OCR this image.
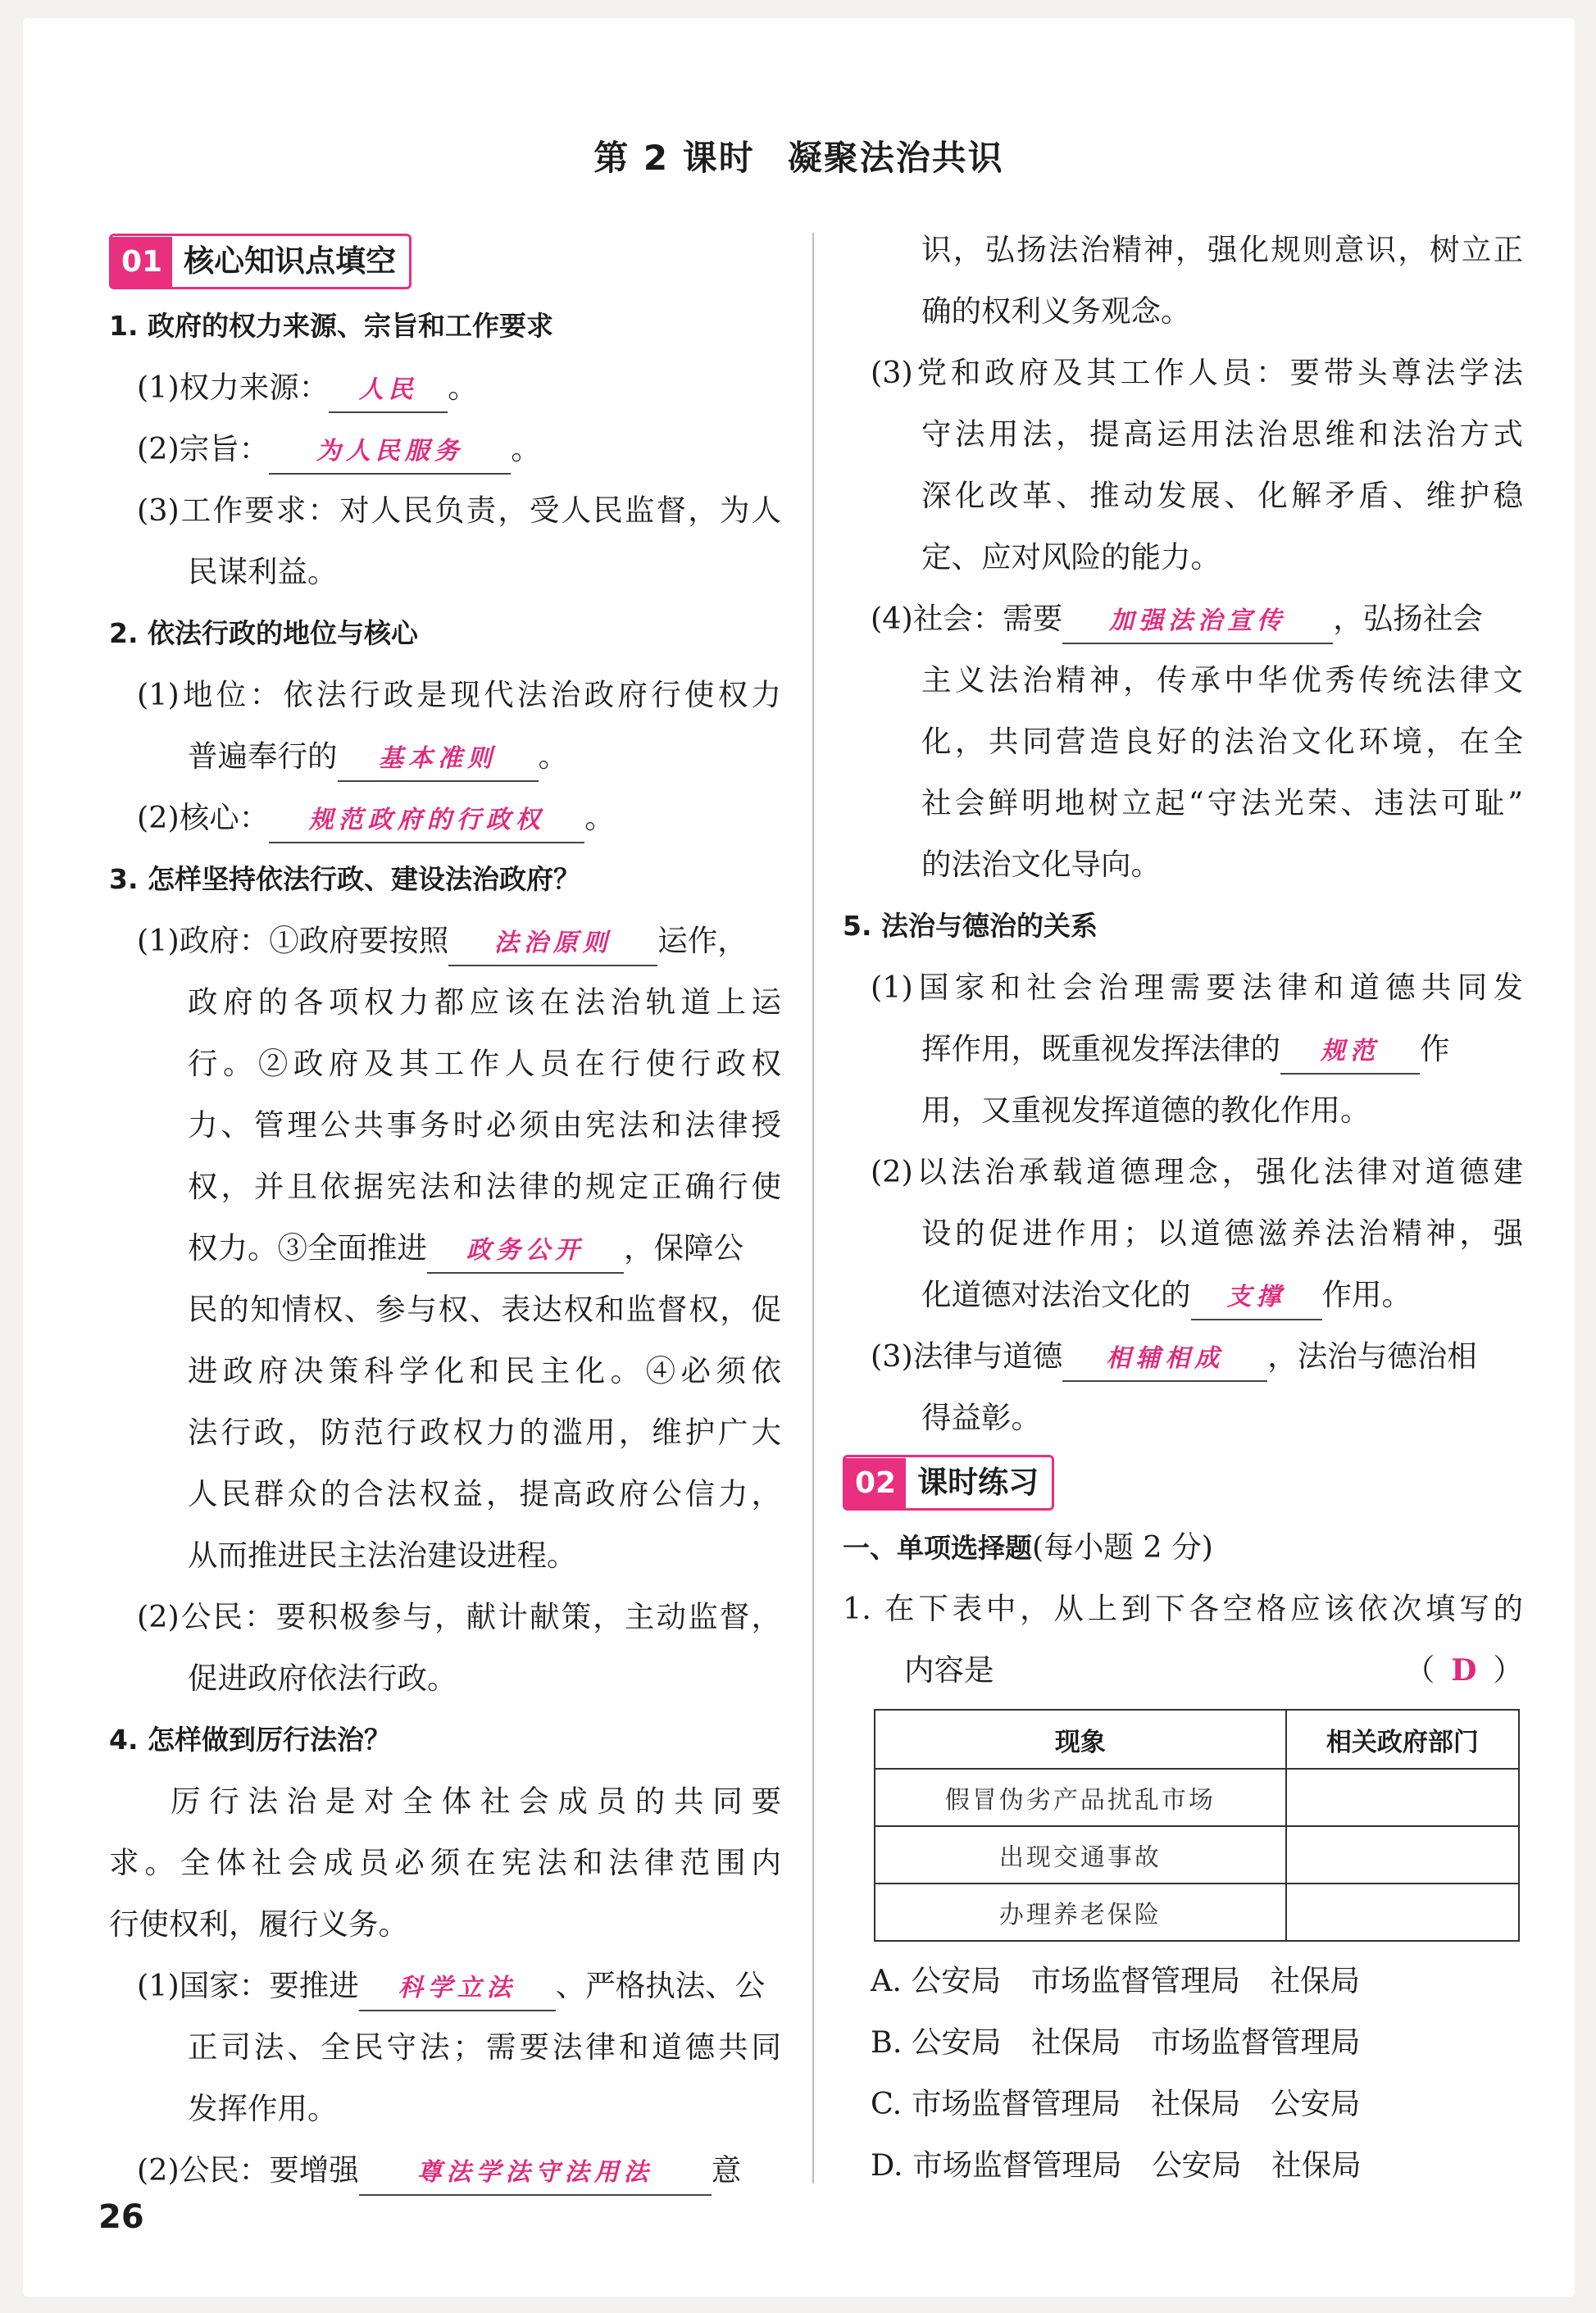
第 2 课时 凝聚法治共识
01 核心知识点填空
1. 政府的权力来源、宗旨和工作要求
(1)权力来源： 人民 。
(2)宗旨： 为人民服务 。
(3)工作要求：对人民负责，受人民监督，为人
民谋利益。
2. 依法行政的地位与核心
(1)地位：依法行政是现代法治政府行使权力
普遍奉行的 基本准则 。
(2)核心： 规范政府的行政权 。
3. 怎样坚持依法行政、建设法治政府？
(1)政府：①政府要按照 法治原则 运作，
政府的各项权力都应该在法治轨道上运
行。②政府及其工作人员在行使行政权
力、管理公共事务时必须由宪法和法律授
权，并且依据宪法和法律的规定正确行使
权力。③全面推进 政务公开 ，保障公
民的知情权、参与权、表达权和监督权，促
进政府决策科学化和民主化。④必须依
法行政，防范行政权力的滥用，维护广大
人民群众的合法权益，提高政府公信力，
从而推进民主法治建设进程。
(2)公民：要积极参与，献计献策，主动监督，
促进政府依法行政。
4. 怎样做到厉行法治？
厉行法治是对全体社会成员的共同要
求。全体社会成员必须在宪法和法律范围内
行使权利，履行义务。
(1)国家：要推进 科学立法 、严格执法、公
正司法、全民守法；需要法律和道德共同
发挥作用。
(2)公民：要增强 尊法学法守法用法 意
识，弘扬法治精神，强化规则意识，树立正
确的权利义务观念。
(3)党和政府及其工作人员：要带头尊法学法
守法用法，提高运用法治思维和法治方式
深化改革、推动发展、化解矛盾、维护稳
定、应对风险的能力。
(4)社会：需要 加强法治宣传 ，弘扬社会
主义法治精神，传承中华优秀传统法律文
化，共同营造良好的法治文化环境，在全
社会鲜明地树立起“守法光荣、违法可耻”
的法治文化导向。
5. 法治与德治的关系
(1)国家和社会治理需要法律和道德共同发
挥作用，既重视发挥法律的 规范 作
用，又重视发挥道德的教化作用。
(2)以法治承载道德理念，强化法律对道德建
设的促进作用；以道德滋养法治精神，强
化道德对法治文化的 支撑 作用。
(3)法律与道德 相辅相成 ，法治与德治相
得益彰。
02 课时练习
一、单项选择题(每小题 2 分)
1. 在下表中，从上到下各空格应该依次填写的
内容是	（ D ）
现象	相关政府部门
假冒伪劣产品扰乱市场	
出现交通事故	
办理养老保险	
A. 公安局　市场监督管理局　社保局
B. 公安局　社保局　市场监督管理局
C. 市场监督管理局　社保局　公安局
D. 市场监督管理局　公安局　社保局
26
